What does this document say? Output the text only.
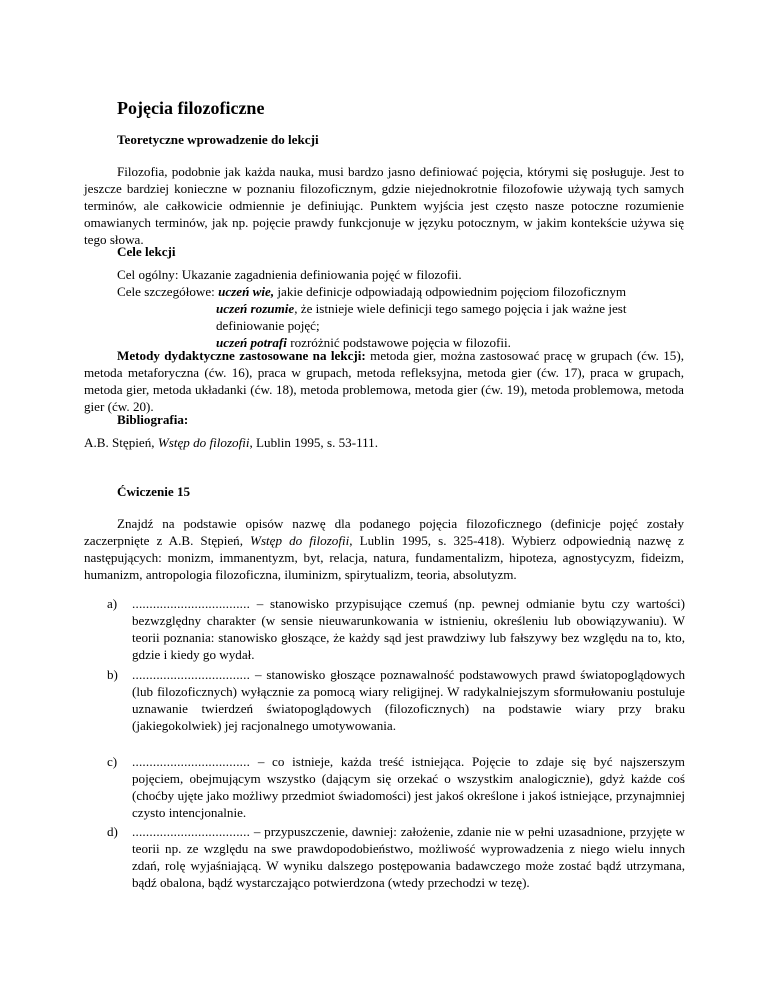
Pojęcia filozoficzne
Teoretyczne wprowadzenie do lekcji

Filozofia, podobnie jak każda nauka, musi bardzo jasno definiować pojęcia, którymi się posługuje. Jest to jeszcze bardziej konieczne w poznaniu filozoficznym, gdzie niejednokrotnie filozofowie używają tych samych terminów, ale całkowicie odmiennie je definiując. Punktem wyjścia jest często nasze potoczne rozumienie omawianych terminów, jak np. pojęcie prawdy funkcjonuje w języku potocznym, w jakim kontekście używa się tego słowa.

Cele lekcji
Cel ogólny: Ukazanie zagadnienia definiowania pojęć w filozofii.
Cele szczegółowe: uczeń wie, jakie definicje odpowiadają odpowiednim pojęciom filozoficznym
uczeń rozumie, że istnieje wiele definicji tego samego pojęcia i jak ważne jest definiowanie pojęć;
uczeń potrafi rozróżnić podstawowe pojęcia w filozofii.

Metody dydaktyczne zastosowane na lekcji: metoda gier, można zastosować pracę w grupach (ćw. 15), metoda metaforyczna (ćw. 16), praca w grupach, metoda refleksyjna, metoda gier (ćw. 17), praca w grupach, metoda gier, metoda układanki (ćw. 18), metoda problemowa, metoda gier (ćw. 19), metoda problemowa, metoda gier (ćw. 20).

Bibliografia:

A.B. Stępień, Wstęp do filozofii, Lublin 1995, s. 53-111.

Ćwiczenie 15

Znajdź na podstawie opisów nazwę dla podanego pojęcia filozoficznego (definicje pojęć zostały zaczerpnięte z A.B. Stępień, Wstęp do filozofii, Lublin 1995, s. 325-418). Wybierz odpowiednią nazwę z następujących: monizm, immanentyzm, byt, relacja, natura, fundamentalizm, hipoteza, agnostycyzm, fideizm, humanizm, antropologia filozoficzna, iluminizm, spirytualizm, teoria, absolutyzm.

a) .................................. – stanowisko przypisujące czemuś (np. pewnej odmianie bytu czy wartości) bezwzględny charakter (w sensie nieuwarunkowania w istnieniu, określeniu lub obowiązywaniu). W teorii poznania: stanowisko głoszące, że każdy sąd jest prawdziwy lub fałszywy bez względu na to, kto, gdzie i kiedy go wydał.

b) .................................. – stanowisko głoszące poznawalność podstawowych prawd światopoglądowych (lub filozoficznych) wyłącznie za pomocą wiary religijnej. W radykalniejszym sformułowaniu postuluje uznawanie twierdzeń światopoglądowych (filozoficznych) na podstawie wiary przy braku (jakiegokolwiek) jej racjonalnego umotywowania.

c) .................................. – co istnieje, każda treść istniejąca. Pojęcie to zdaje się być najszerszym pojęciem, obejmującym wszystko (dającym się orzekać o wszystkim analogicznie), gdyż każde coś (choćby ujęte jako możliwy przedmiot świadomości) jest jakoś określone i jakoś istniejące, przynajmniej czysto intencjonalnie.

d) .................................. – przypuszczenie, dawniej: założenie, zdanie nie w pełni uzasadnione, przyjęte w teorii np. ze względu na swe prawdopodobieństwo, możliwość wyprowadzenia z niego wielu innych zdań, rolę wyjaśniającą. W wyniku dalszego postępowania badawczego może zostać bądź utrzymana, bądź obalona, bądź wystarczająco potwierdzona (wtedy przechodzi w tezę).
